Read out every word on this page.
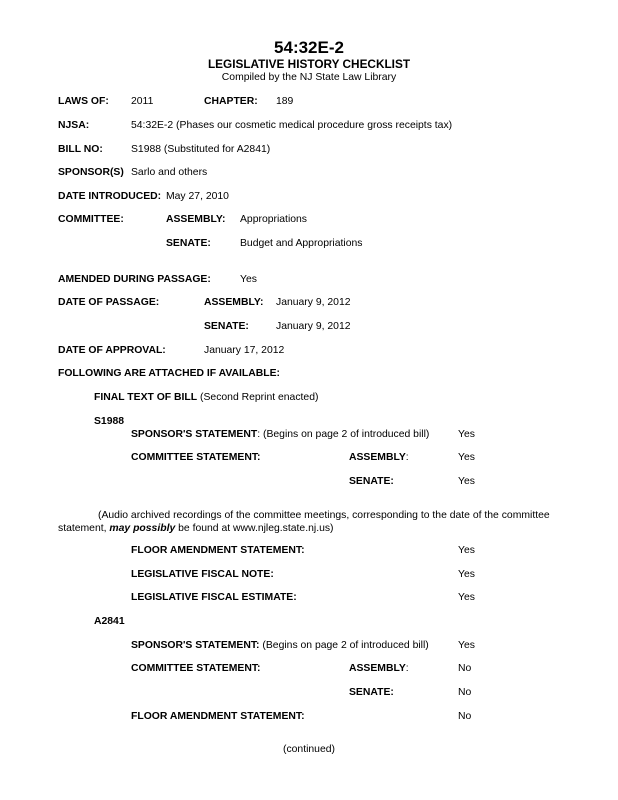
54:32E-2
LEGISLATIVE HISTORY CHECKLIST
Compiled by the NJ State Law Library
LAWS OF: 2011	CHAPTER: 189
NJSA:	54:32E-2 (Phases our cosmetic medical procedure gross receipts tax)
BILL NO:	S1988 (Substituted for A2841)
SPONSOR(S) Sarlo and others
DATE INTRODUCED: May 27, 2010
COMMITTEE:	ASSEMBLY: Appropriations
SENATE:	Budget and Appropriations
AMENDED DURING PASSAGE:	Yes
DATE OF PASSAGE:	ASSEMBLY: January 9, 2012
SENATE:	January 9, 2012
DATE OF APPROVAL:	January 17, 2012
FOLLOWING ARE ATTACHED IF AVAILABLE:
FINAL TEXT OF BILL (Second Reprint enacted)
S1988
SPONSOR'S STATEMENT: (Begins on page 2 of introduced bill)	Yes
COMMITTEE STATEMENT:	ASSEMBLY:	Yes
SENATE:	Yes
(Audio archived recordings of the committee meetings, corresponding to the date of the committee statement, may possibly be found at www.njleg.state.nj.us)
FLOOR AMENDMENT STATEMENT:	Yes
LEGISLATIVE FISCAL NOTE:	Yes
LEGISLATIVE FISCAL ESTIMATE:	Yes
A2841
SPONSOR'S STATEMENT: (Begins on page 2 of introduced bill)	Yes
COMMITTEE STATEMENT:	ASSEMBLY:	No
SENATE:	No
FLOOR AMENDMENT STATEMENT:	No
(continued)
